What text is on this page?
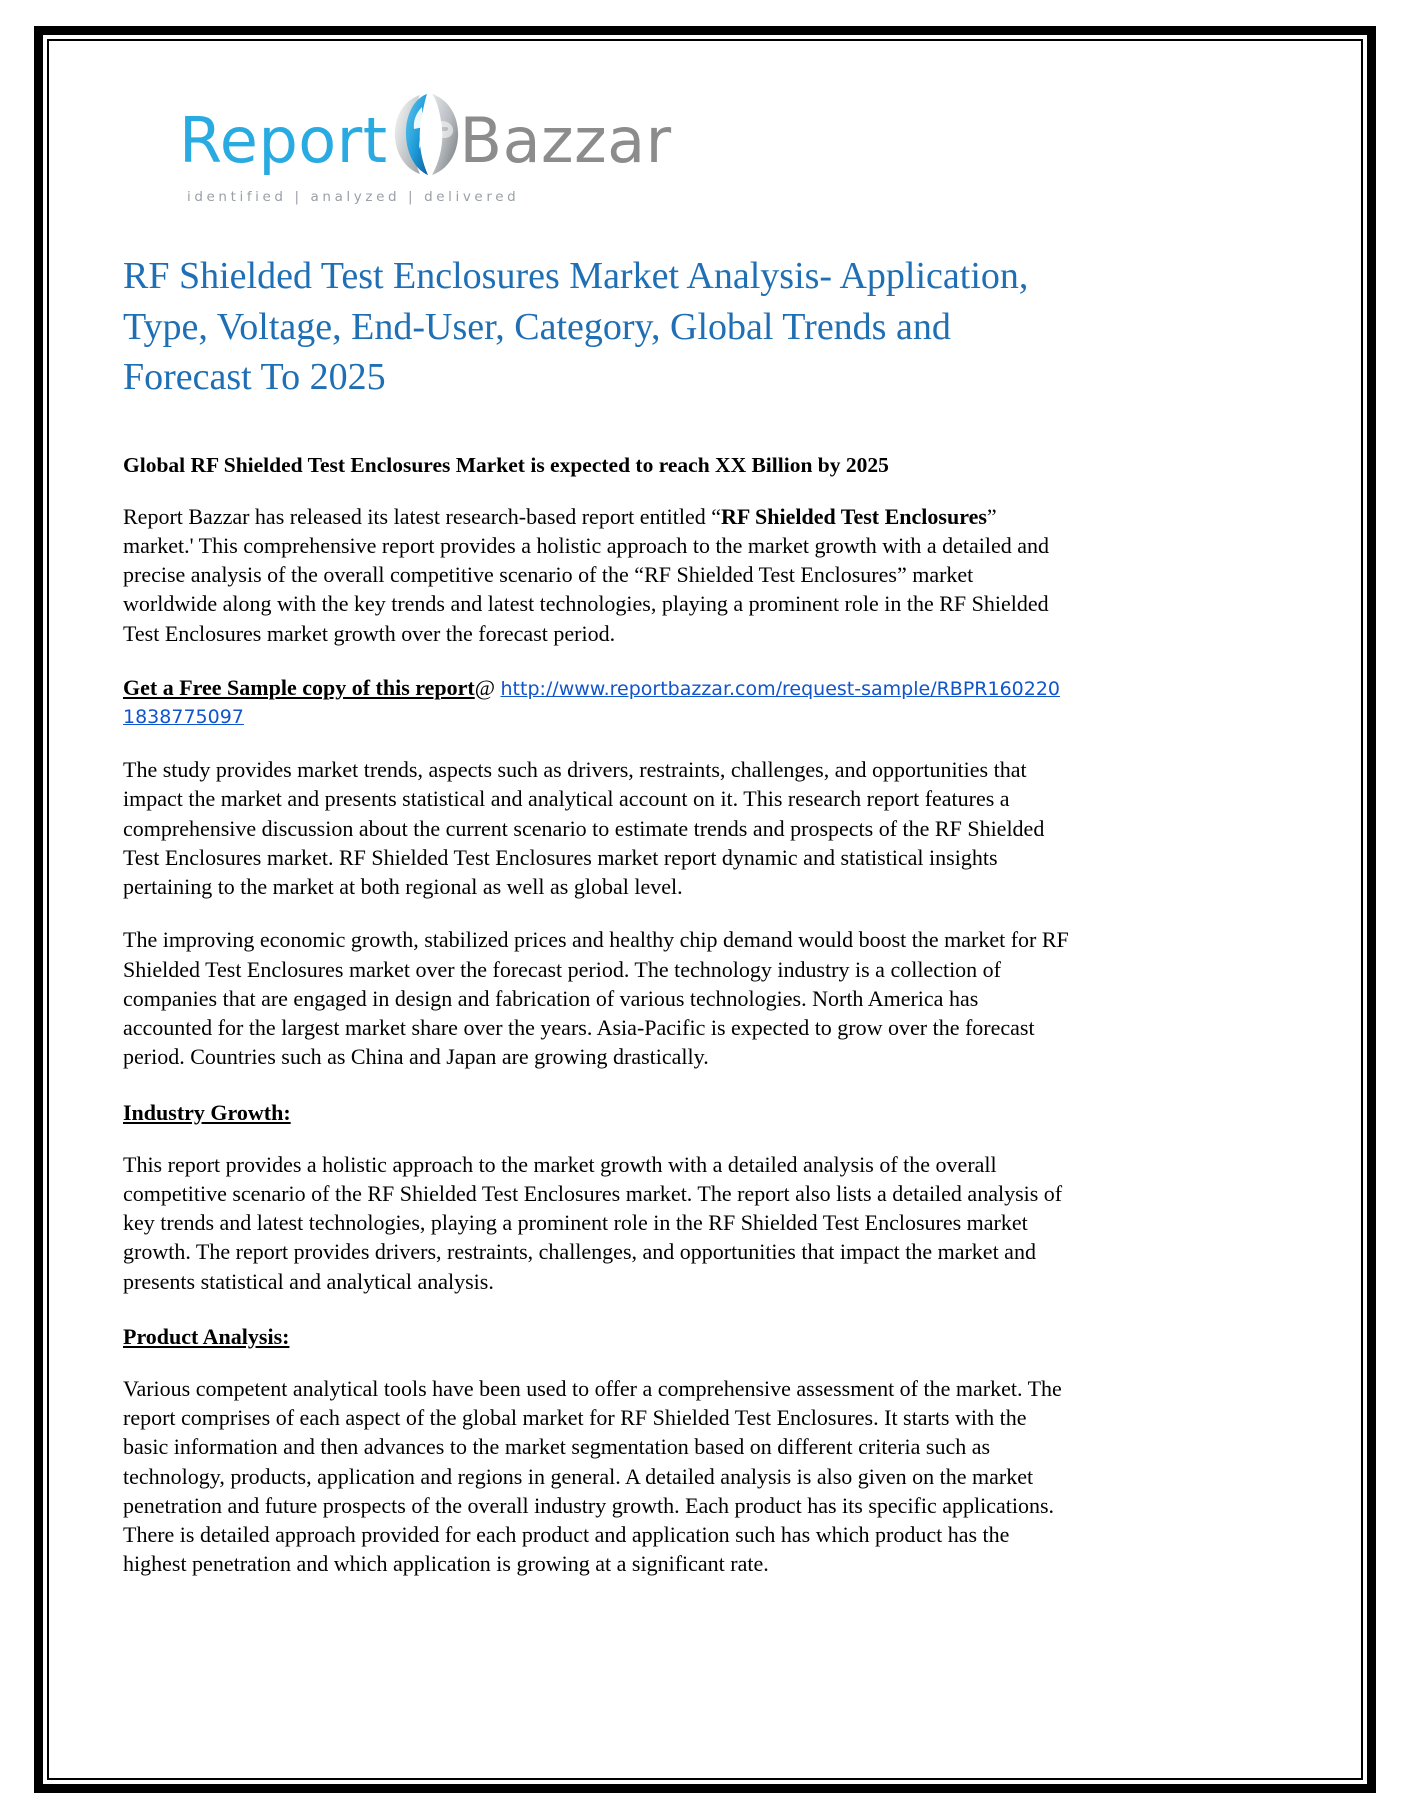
Report Bazzar
identified | analyzed | delivered
RF Shielded Test Enclosures Market Analysis- Application, Type, Voltage, End-User, Category, Global Trends and Forecast To 2025

Global RF Shielded Test Enclosures Market is expected to reach XX Billion by 2025

Report Bazzar has released its latest research-based report entitled “RF Shielded Test Enclosures” market.' This comprehensive report provides a holistic approach to the market growth with a detailed and precise analysis of the overall competitive scenario of the “RF Shielded Test Enclosures” market worldwide along with the key trends and latest technologies, playing a prominent role in the RF Shielded Test Enclosures market growth over the forecast period.

Get a Free Sample copy of this report@ http://www.reportbazzar.com/request-sample/RBPR1602201838775097

The study provides market trends, aspects such as drivers, restraints, challenges, and opportunities that impact the market and presents statistical and analytical account on it. This research report features a comprehensive discussion about the current scenario to estimate trends and prospects of the RF Shielded Test Enclosures market. RF Shielded Test Enclosures market report dynamic and statistical insights pertaining to the market at both regional as well as global level.

The improving economic growth, stabilized prices and healthy chip demand would boost the market for RF Shielded Test Enclosures market over the forecast period. The technology industry is a collection of companies that are engaged in design and fabrication of various technologies. North America has accounted for the largest market share over the years. Asia-Pacific is expected to grow over the forecast period. Countries such as China and Japan are growing drastically.

Industry Growth:

This report provides a holistic approach to the market growth with a detailed analysis of the overall competitive scenario of the RF Shielded Test Enclosures market. The report also lists a detailed analysis of key trends and latest technologies, playing a prominent role in the RF Shielded Test Enclosures market growth. The report provides drivers, restraints, challenges, and opportunities that impact the market and presents statistical and analytical analysis.

Product Analysis:

Various competent analytical tools have been used to offer a comprehensive assessment of the market. The report comprises of each aspect of the global market for RF Shielded Test Enclosures. It starts with the basic information and then advances to the market segmentation based on different criteria such as technology, products, application and regions in general. A detailed analysis is also given on the market penetration and future prospects of the overall industry growth. Each product has its specific applications. There is detailed approach provided for each product and application such has which product has the highest penetration and which application is growing at a significant rate.
